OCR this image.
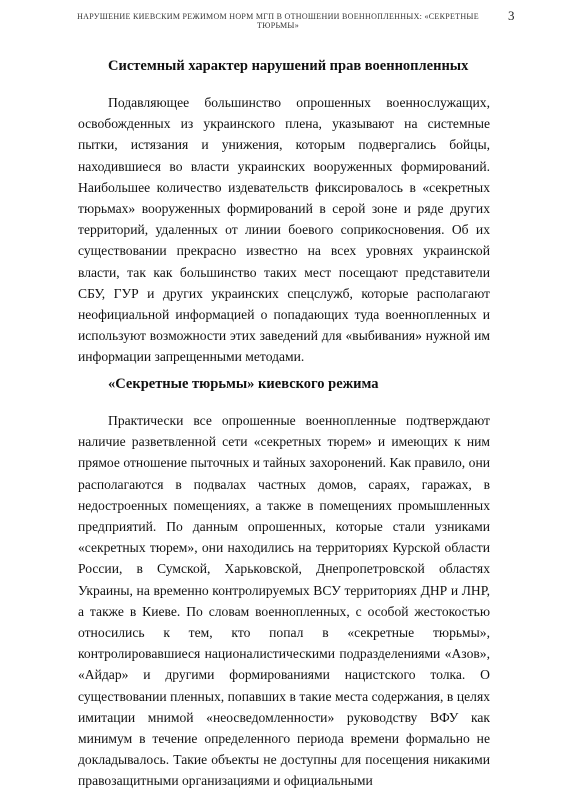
НАРУШЕНИЕ КИЕВСКИМ РЕЖИМОМ НОРМ МГП В ОТНОШЕНИИ ВОЕННОПЛЕННЫХ: «СЕКРЕТНЫЕ ТЮРЬМЫ»
3
Системный характер нарушений прав военнопленных

Подавляющее большинство опрошенных военнослужащих, освобожденных из украинского плена, указывают на системные пытки, истязания и унижения, которым подвергались бойцы, находившиеся во власти украинских вооруженных формирований. Наибольшее количество издевательств фиксировалось в «секретных тюрьмах» вооруженных формирований в серой зоне и ряде других территорий, удаленных от линии боевого соприкосновения. Об их существовании прекрасно известно на всех уровнях украинской власти, так как большинство таких мест посещают представители СБУ, ГУР и других украинских спецслужб, которые располагают неофициальной информацией о попадающих туда военнопленных и используют возможности этих заведений для «выбивания» нужной им информации запрещенными методами.

«Секретные тюрьмы» киевского режима

Практически все опрошенные военнопленные подтверждают наличие разветвленной сети «секретных тюрем» и имеющих к ним прямое отношение пыточных и тайных захоронений. Как правило, они располагаются в подвалах частных домов, сараях, гаражах, в недостроенных помещениях, а также в помещениях промышленных предприятий. По данным опрошенных, которые стали узниками «секретных тюрем», они находились на территориях Курской области России, в Сумской, Харьковской, Днепропетровской областях Украины, на временно контролируемых ВСУ территориях ДНР и ЛНР, а также в Киеве. По словам военнопленных, с особой жестокостью относились к тем, кто попал в «секретные тюрьмы», контролировавшиеся националистическими подразделениями «Азов», «Айдар» и другими формированиями нацистского толка. О существовании пленных, попавших в такие места содержания, в целях имитации мнимой «неосведомленности» руководству ВФУ как минимум в течение определенного периода времени формально не докладывалось. Такие объекты не доступны для посещения никакими правозащитными организациями и официальными
